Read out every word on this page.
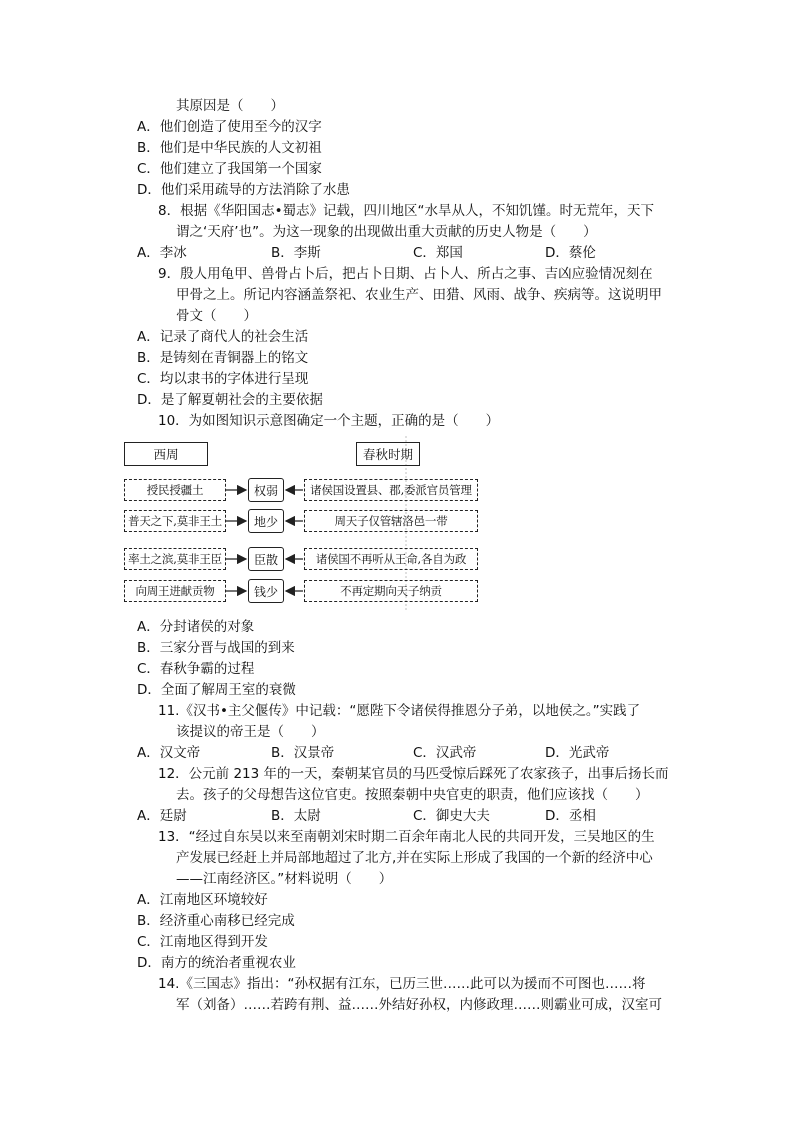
其原因是（　　）
A．他们创造了使用至今的汉字
B．他们是中华民族的人文初祖
C．他们建立了我国第一个国家
D．他们采用疏导的方法消除了水患
8．根据《华阳国志•蜀志》记载，四川地区“水旱从人，不知饥馑。时无荒年，天下
谓之‘天府’也”。为这一现象的出现做出重大贡献的历史人物是（　　）
A．李冰	B．李斯	C．郑国	D．蔡伦
9．殷人用龟甲、兽骨占卜后，把占卜日期、占卜人、所占之事、吉凶应验情况刻在
甲骨之上。所记内容涵盖祭祀、农业生产、田猎、风雨、战争、疾病等。这说明甲
骨文（　　）
A．记录了商代人的社会生活
B．是铸刻在青铜器上的铭文
C．均以隶书的字体进行呈现
D．是了解夏朝社会的主要依据
10．为如图知识示意图确定一个主题，正确的是（　　）
西周	春秋时期
授民授疆土
普天之下,莫非王土
率土之滨,莫非王臣
向周王进献贡物
权弱
地少
臣散
钱少
诸侯国设置县、郡,委派官员管理
周天子仅管辖洛邑一带
诸侯国不再听从王命,各自为政
不再定期向天子纳贡
A．分封诸侯的对象
B．三家分晋与战国的到来
C．春秋争霸的过程
D．全面了解周王室的衰微
11.《汉书•主父偃传》中记载：“愿陛下令诸侯得推恩分子弟，以地侯之。”实践了
该提议的帝王是（　　）
A．汉文帝	B．汉景帝	C．汉武帝	D．光武帝
12．公元前 213 年的一天，秦朝某官员的马匹受惊后踩死了农家孩子，出事后扬长而
去。孩子的父母想告这位官吏。按照秦朝中央官吏的职责，他们应该找（　　）
A．廷尉	B．太尉	C．御史大夫	D．丞相
13．“经过自东吴以来至南朝刘宋时期二百余年南北人民的共同开发，三吴地区的生
产发展已经赶上并局部地超过了北方,并在实际上形成了我国的一个新的经济中心
——江南经济区。”材料说明（　　）
A．江南地区环境较好
B．经济重心南移已经完成
C．江南地区得到开发
D．南方的统治者重视农业
14.《三国志》指出：“孙权据有江东，已历三世……此可以为援而不可图也……将
军（刘备）……若跨有荆、益……外结好孙权，内修政理……则霸业可成，汉室可
